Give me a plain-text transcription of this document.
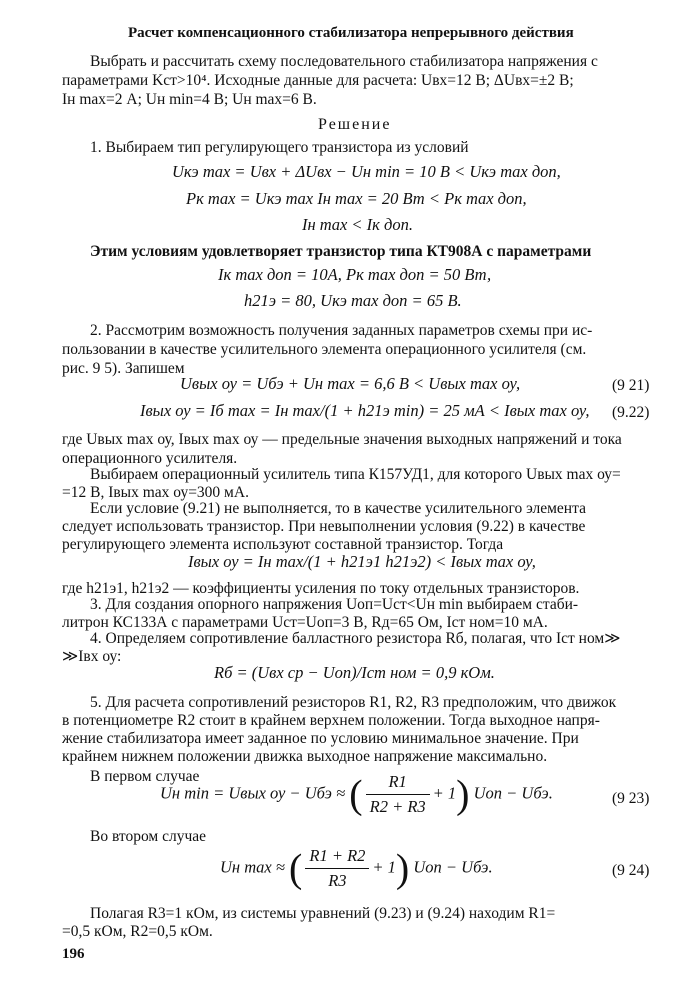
Расчет компенсационного стабилизатора непрерывного действия
Выбрать и рассчитать схему последовательного стабилизатора напряжения с
параметрами Kст>10⁴. Исходные данные для расчета: Uвх=12 В; ΔUвх=±2 В;
Iн max=2 А; Uн min=4 В; Uн max=6 В.
Решение
1. Выбираем тип регулирующего транзистора из условий
Uкэ max = Uвх + ΔUвх − Uн min = 10 В < Uкэ max доп,
Pк max = Uкэ max Iн max = 20 Вт < Pк max доп,
Iн max < Iк доп.
Этим условиям удовлетворяет транзистор типа КТ908А с параметрами
Iк max доп = 10А, Pк max доп = 50 Вт,
h21э = 80, Uкэ max доп = 65 В.
2. Рассмотрим возможность получения заданных параметров схемы при ис-
пользовании в качестве усилительного элемента операционного усилителя (см.
рис. 9 5). Запишем
Uвых оу = Uбэ + Uн max = 6,6 В < Uвых max оу,	(9 21)
Iвых оу = Iб max = Iн max/(1 + h21э min) = 25 мА < Iвых max оу, (9.22)
где Uвых max оу, Iвых max оу — предельные значения выходных напряжений и тока
операционного усилителя.
Выбираем операционный усилитель типа К157УД1, для которого Uвых max оу=
=12 В, Iвых max оу=300 мА.
Если условие (9.21) не выполняется, то в качестве усилительного элемента
следует использовать транзистор. При невыполнении условия (9.22) в качестве
регулирующего элемента используют составной транзистор. Тогда
Iвых оу = Iн max/(1 + h21э1 h21э2) < Iвых max оу,
где h21э1, h21э2 — коэффициенты усиления по току отдельных транзисторов.
3. Для создания опорного напряжения Uоп=Uст<Uн min выбираем стаби-
литрон КС133А с параметрами Uст=Uоп=3 В, Rд=65 Ом, Iст ном=10 мА.
4. Определяем сопротивление балластного резистора Rб, полагая, что Iст ном≫
≫Iвх оу:
Rб = (Uвх ср − Uоп)/Iст ном = 0,9 кОм.
5. Для расчета сопротивлений резисторов R1, R2, R3 предположим, что движок
в потенциометре R2 стоит в крайнем верхнем положении. Тогда выходное напря-
жение стабилизатора имеет заданное по условию минимальное значение. При
крайнем нижнем положении движка выходное напряжение максимально.
В первом случае
Uн min = Uвых оу − Uбэ ≈ ( $\frac{R1}{R2 + R3} + 1$) Uоп − Uбэ.	(9 23)
Во втором случае
Uн max ≈ ( $\frac{R1 + R2}{R3} + 1$) Uоп − Uбэ.	(9 24)
Полагая R3=1 кОм, из системы уравнений (9.23) и (9.24) находим R1=
=0,5 кОм, R2=0,5 кОм.
196
